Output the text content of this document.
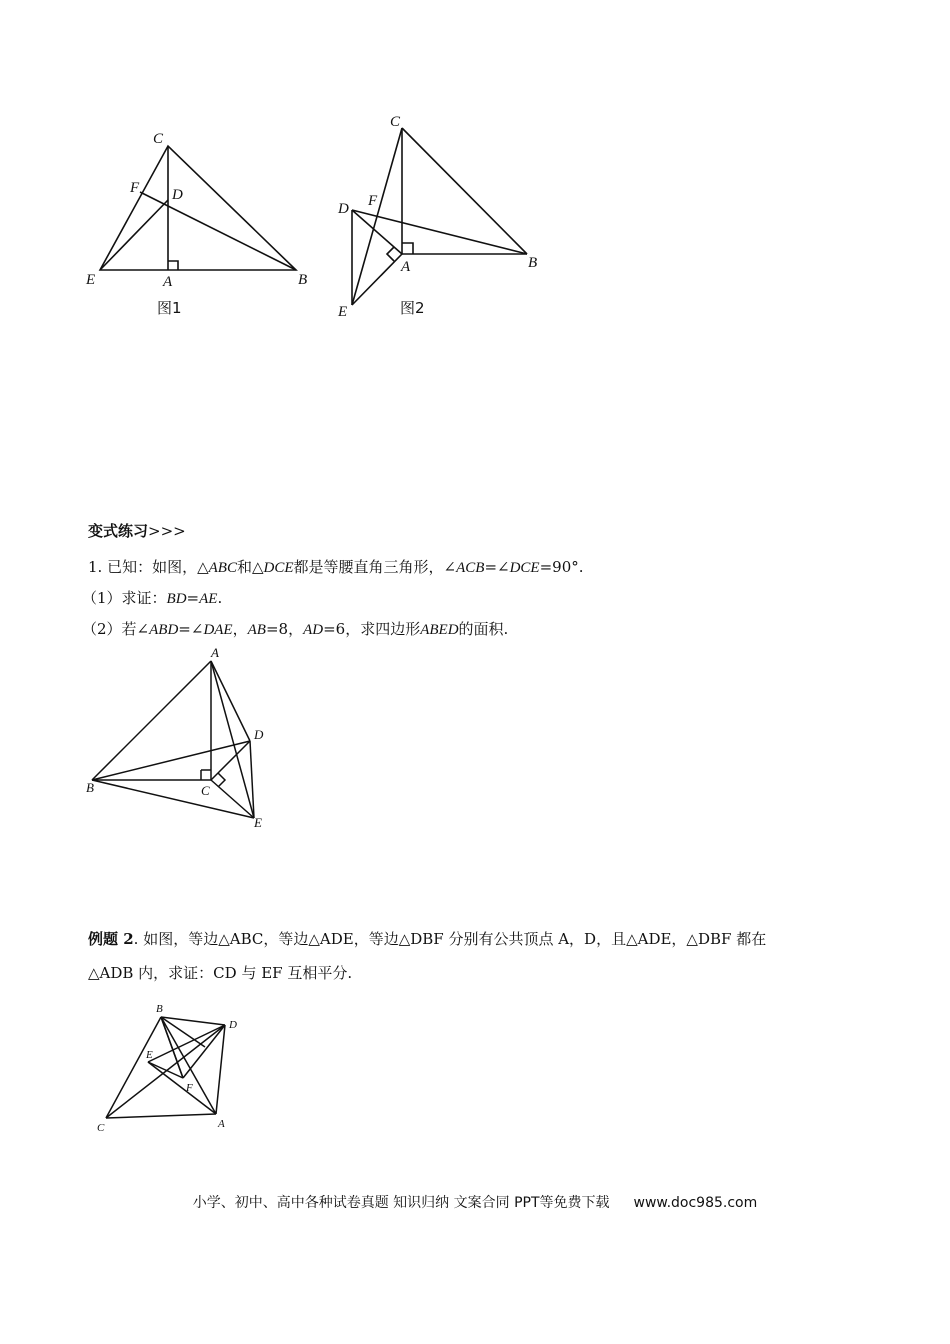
C
F D
E	A	B
图1
C
D F
A	B
E	图2
变式练习>>>
1. 已知：如图，△ABC和△DCE都是等腰直角三角形，∠ACB=∠DCE=90°.
（1）求证：BD=AE.
（2）若∠ABD=∠DAE，AB=8，AD=6，求四边形ABED的面积.
A
D
B	C
E
例题 2. 如图，等边△ABC，等边△ADE，等边△DBF 分别有公共顶点 A，D，且△ADE，△DBF 都在
△ADB 内，求证：CD 与 EF 互相平分.
B
D
E
F
C	A
小学、初中、高中各种试卷真题 知识归纳 文案合同 PPT等免费下载 www.doc985.com
